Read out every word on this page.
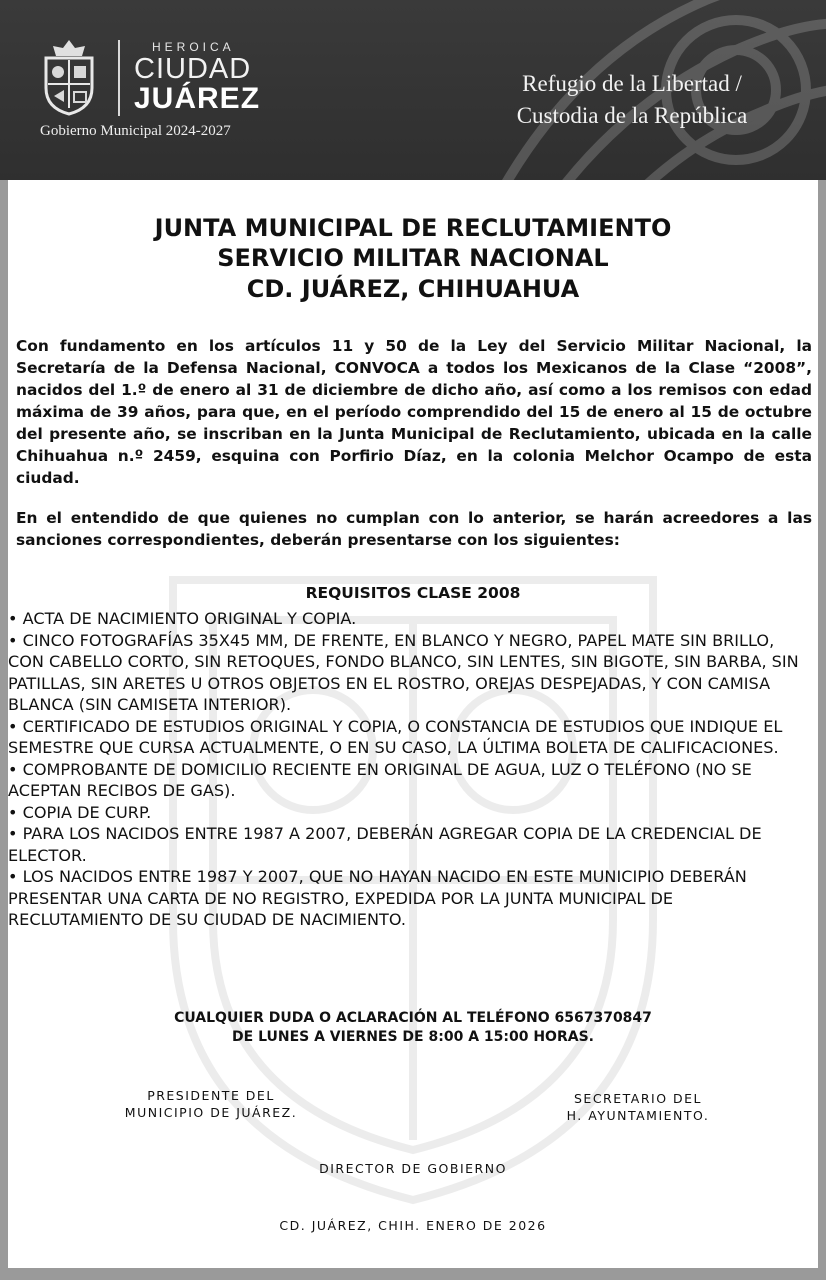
HEROICA
CIUDAD
JUÁREZ
Gobierno Municipal 2024-2027
Refugio de la Libertad /
Custodia de la República
JUNTA MUNICIPAL DE RECLUTAMIENTO
SERVICIO MILITAR NACIONAL
CD. JUÁREZ, CHIHUAHUA
Con fundamento en los artículos 11 y 50 de la Ley del Servicio Militar Nacional, la Secretaría de la Defensa Nacional, CONVOCA a todos los Mexicanos de la Clase “2008”, nacidos del 1.º de enero al 31 de diciembre de dicho año, así como a los remisos con edad máxima de 39 años, para que, en el período comprendido del 15 de enero al 15 de octubre del presente año, se inscriban en la Junta Municipal de Reclutamiento, ubicada en la calle Chihuahua n.º 2459, esquina con Porfirio Díaz, en la colonia Melchor Ocampo de esta ciudad.
En el entendido de que quienes no cumplan con lo anterior, se harán acreedores a las sanciones correspondientes, deberán presentarse con los siguientes:
REQUISITOS CLASE 2008

• ACTA DE NACIMIENTO ORIGINAL Y COPIA.

• CINCO FOTOGRAFÍAS 35X45 MM, DE FRENTE, EN BLANCO Y NEGRO, PAPEL MATE SIN BRILLO, CON CABELLO CORTO, SIN RETOQUES, FONDO BLANCO, SIN LENTES, SIN BIGOTE, SIN BARBA, SIN PATILLAS, SIN ARETES U OTROS OBJETOS EN EL ROSTRO, OREJAS DESPEJADAS, Y CON CAMISA BLANCA (SIN CAMISETA INTERIOR).

• CERTIFICADO DE ESTUDIOS ORIGINAL Y COPIA, O CONSTANCIA DE ESTUDIOS QUE INDIQUE EL SEMESTRE QUE CURSA ACTUALMENTE, O EN SU CASO, LA ÚLTIMA BOLETA DE CALIFICACIONES.

• COMPROBANTE DE DOMICILIO RECIENTE EN ORIGINAL DE AGUA, LUZ O TELÉFONO (NO SE ACEPTAN RECIBOS DE GAS).

• COPIA DE CURP.

• PARA LOS NACIDOS ENTRE 1987 A 2007, DEBERÁN AGREGAR COPIA DE LA CREDENCIAL DE ELECTOR.

• LOS NACIDOS ENTRE 1987 Y 2007, QUE NO HAYAN NACIDO EN ESTE MUNICIPIO DEBERÁN PRESENTAR UNA CARTA DE NO REGISTRO, EXPEDIDA POR LA JUNTA MUNICIPAL DE RECLUTAMIENTO DE SU CIUDAD DE NACIMIENTO.

CUALQUIER DUDA O ACLARACIÓN AL TELÉFONO 6567370847
DE LUNES A VIERNES DE 8:00 A 15:00 HORAS.
PRESIDENTE DEL
MUNICIPIO DE JUÁREZ.
SECRETARIO DEL
H. AYUNTAMIENTO.
DIRECTOR DE GOBIERNO
CD. JUÁREZ, CHIH. ENERO DE 2026
